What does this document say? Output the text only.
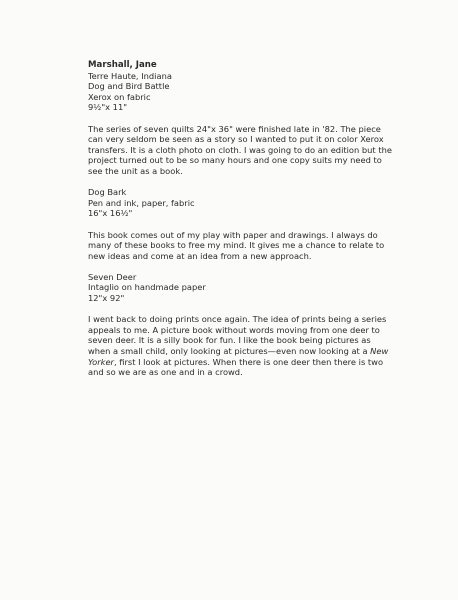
Marshall, Jane

Terre Haute, Indiana

Dog and Bird Battle

Xerox on fabric

9½"x 11"

The series of seven quilts 24"x 36" were finished late in '82. The piece
can very seldom be seen as a story so I wanted to put it on color Xerox
transfers. It is a cloth photo on cloth. I was going to do an edition but the
project turned out to be so many hours and one copy suits my need to
see the unit as a book.

Dog Bark

Pen and ink, paper, fabric

16"x 16½"

This book comes out of my play with paper and drawings. I always do
many of these books to free my mind. It gives me a chance to relate to
new ideas and come at an idea from a new approach.

Seven Deer

Intaglio on handmade paper

12"x 92"

I went back to doing prints once again. The idea of prints being a series
appeals to me. A picture book without words moving from one deer to
seven deer. It is a silly book for fun. I like the book being pictures as
when a small child, only looking at pictures—even now looking at a New
Yorker, first I look at pictures. When there is one deer then there is two
and so we are as one and in a crowd.
